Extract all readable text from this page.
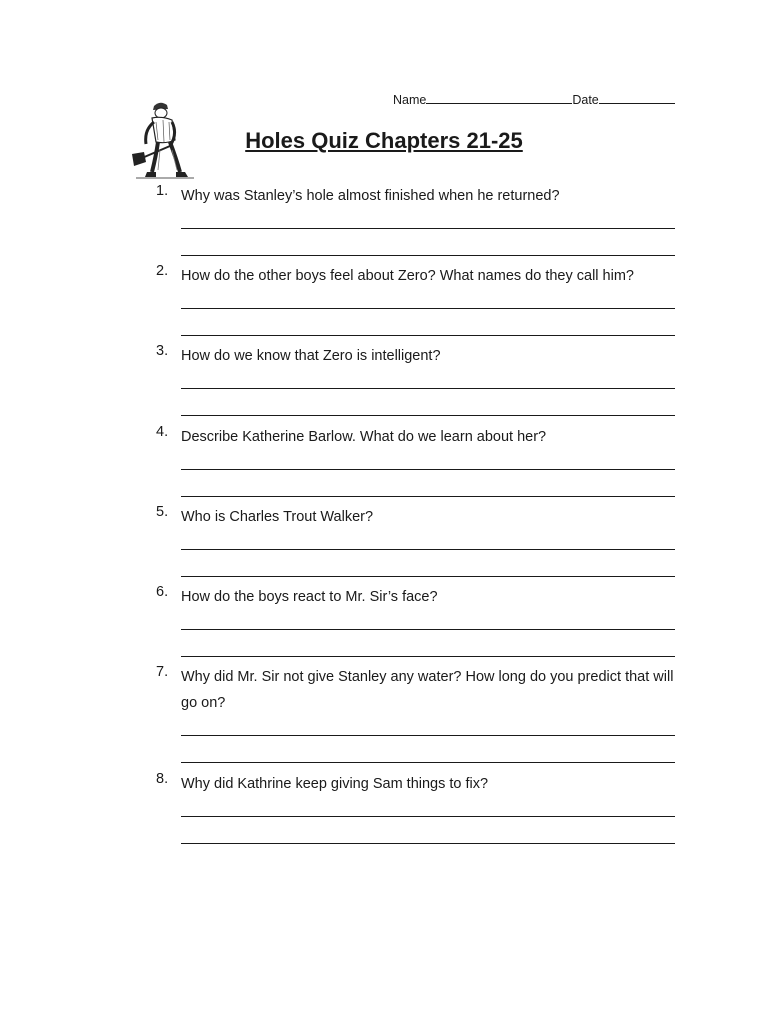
Name	Date
Holes Quiz Chapters 21-25
1. Why was Stanley’s hole almost finished when he returned?
2. How do the other boys feel about Zero? What names do they call him?
3. How do we know that Zero is intelligent?
4. Describe Katherine Barlow. What do we learn about her?
5. Who is Charles Trout Walker?
6. How do the boys react to Mr. Sir’s face?
7. Why did Mr. Sir not give Stanley any water? How long do you predict that will go on?
8. Why did Kathrine keep giving Sam things to fix?
